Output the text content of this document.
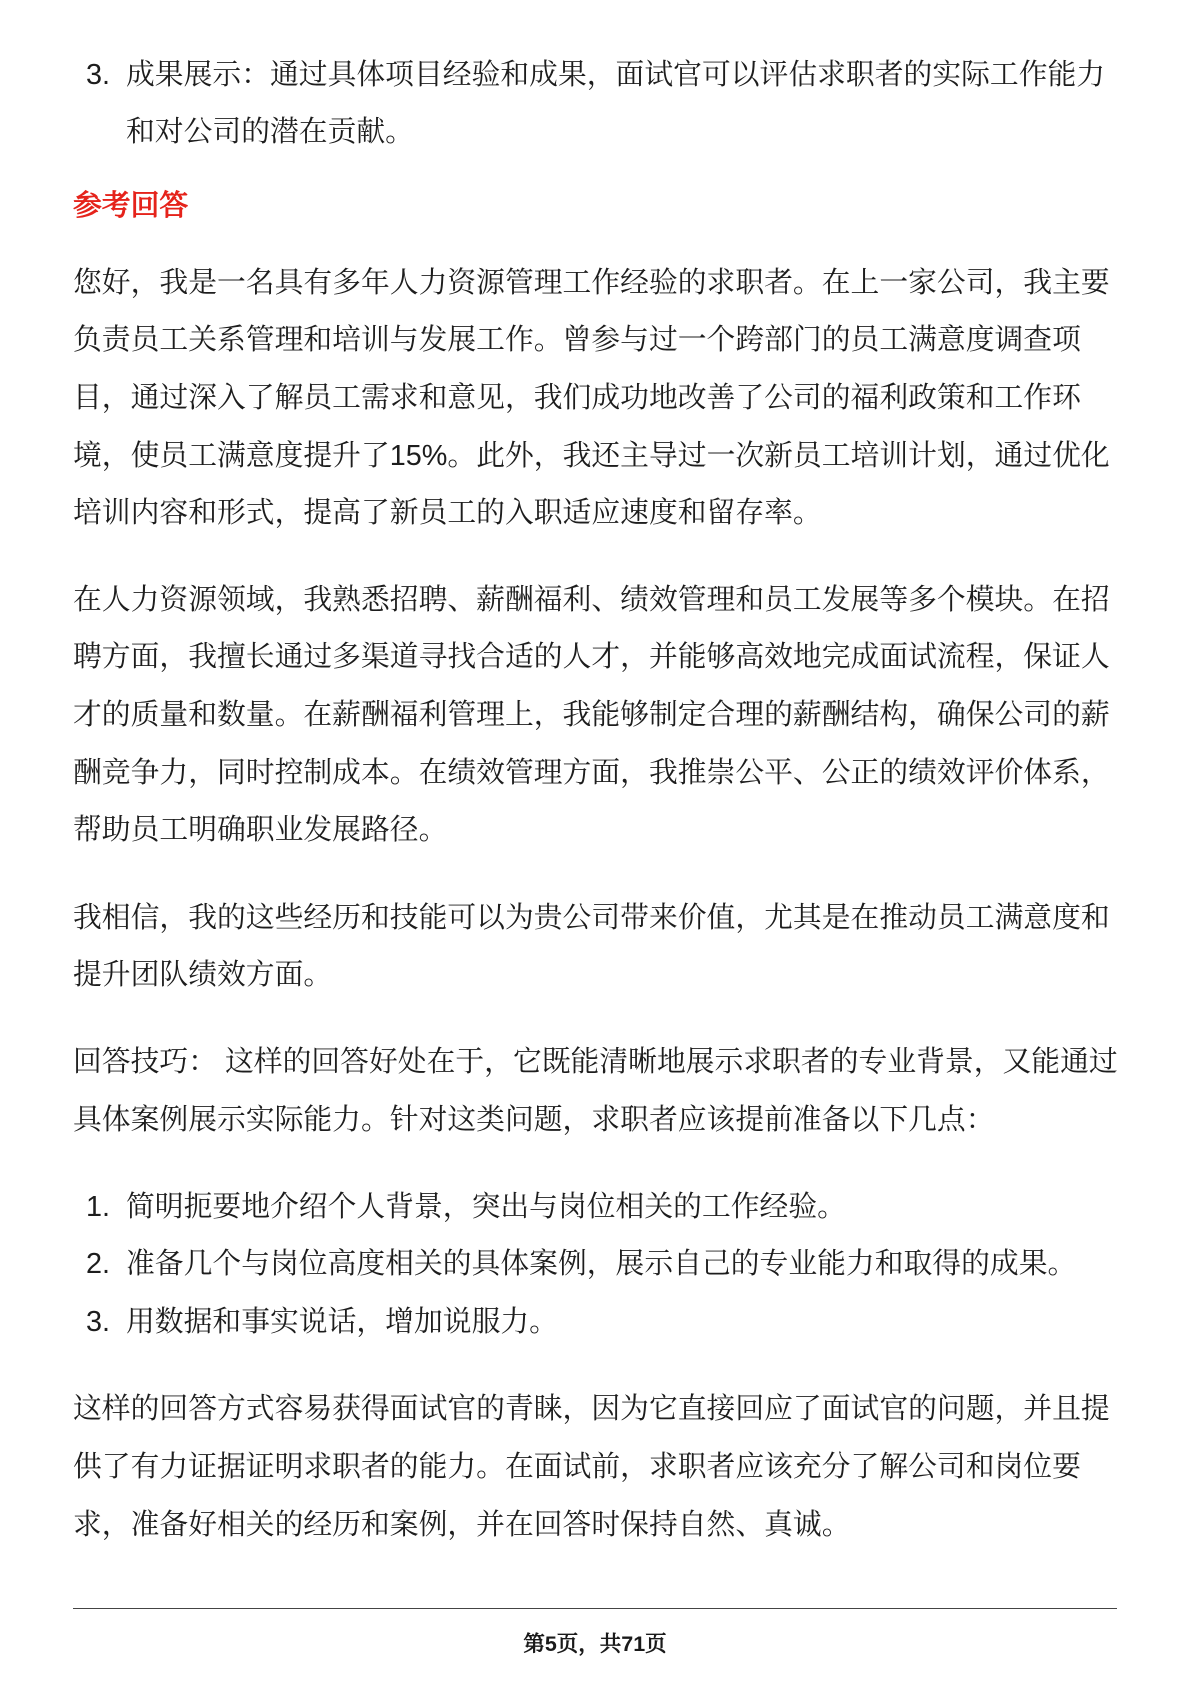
3. 成果展示：通过具体项目经验和成果，面试官可以评估求职者的实际工作能力和对公司的潜在贡献。
参考回答

您好，我是一名具有多年人力资源管理工作经验的求职者。在上一家公司，我主要负责员工关系管理和培训与发展工作。曾参与过一个跨部门的员工满意度调查项目，通过深入了解员工需求和意见，我们成功地改善了公司的福利政策和工作环境，使员工满意度提升了15%。此外，我还主导过一次新员工培训计划，通过优化培训内容和形式，提高了新员工的入职适应速度和留存率。

在人力资源领域，我熟悉招聘、薪酬福利、绩效管理和员工发展等多个模块。在招聘方面，我擅长通过多渠道寻找合适的人才，并能够高效地完成面试流程，保证人才的质量和数量。在薪酬福利管理上，我能够制定合理的薪酬结构，确保公司的薪酬竞争力，同时控制成本。在绩效管理方面，我推崇公平、公正的绩效评价体系，帮助员工明确职业发展路径。

我相信，我的这些经历和技能可以为贵公司带来价值，尤其是在推动员工满意度和提升团队绩效方面。

回答技巧： 这样的回答好处在于，它既能清晰地展示求职者的专业背景，又能通过具体案例展示实际能力。针对这类问题，求职者应该提前准备以下几点：

1. 简明扼要地介绍个人背景，突出与岗位相关的工作经验。
2. 准备几个与岗位高度相关的具体案例，展示自己的专业能力和取得的成果。
3. 用数据和事实说话，增加说服力。

这样的回答方式容易获得面试官的青睐，因为它直接回应了面试官的问题，并且提供了有力证据证明求职者的能力。在面试前，求职者应该充分了解公司和岗位要求，准备好相关的经历和案例，并在回答时保持自然、真诚。

第5页，共71页
